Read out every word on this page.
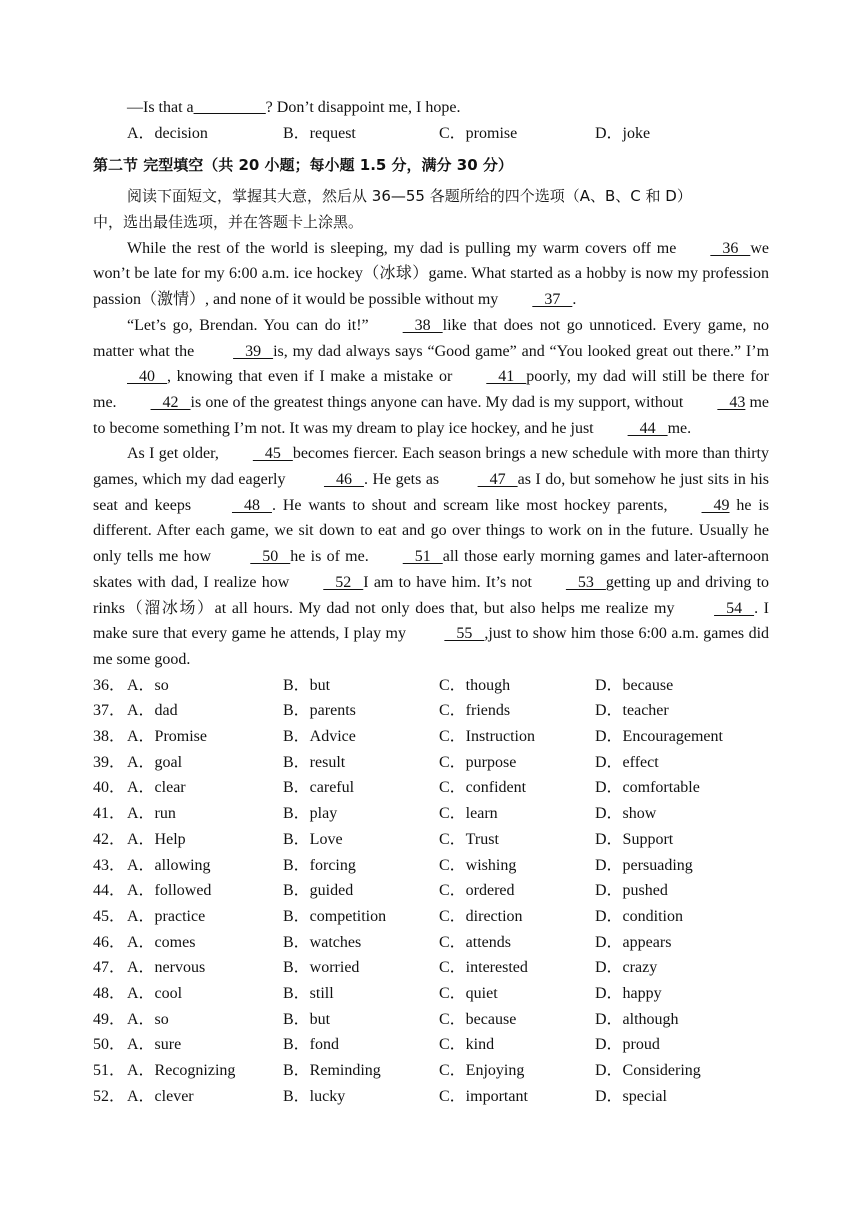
—Is that a_________? Don’t disappoint me, I hope.
A．decision	B．request	C．promise	D．joke
第二节 完型填空（共 20 小题；每小题 1.5 分，满分 30 分）
阅读下面短文，掌握其大意，然后从 36—55 各题所给的四个选项（A、B、C 和 D）
中，选出最佳选项，并在答题卡上涂黑。

While the rest of the world is sleeping, my dad is pulling my warm covers off me   36   we won’t be late for my 6:00 a.m. ice hockey（冰球）game. What started as a hobby is now my profession passion（激情）, and none of it would be possible without my   37   .

“Let’s go, Brendan. You can do it!”   38   like that does not go unnoticed. Every game, no matter what the    39   is, my dad always says “Good game” and “You looked great out there.” I’m   40   , knowing that even if I make a mistake or   41   poorly, my dad will still be there for me.   42   is one of the greatest things anyone can have. My dad is my support, without   43 me to become something I’m not. It was my dream to play ice hockey, and he just   44   me.

As I get older,   45   becomes fiercer. Each season brings a new schedule with more than thirty games, which my dad eagerly    46   . He gets as    47   as I do, but somehow he just sits in his seat and keeps    48   . He wants to shout and scream like most hockey parents,   49 he is different. After each game, we sit down to eat and go over things to work on in the future. Usually he only tells me how    50   he is of me.   51   all those early morning games and later-afternoon skates with dad, I realize how   52   I am to have him. It’s not   53   getting up and driving to rinks（溜冰场）at all hours. My dad not only does that, but also helps me realize my    54   . I make sure that every game he attends, I play my    55   ,just to show him those 6:00 a.m. games did me some good.

36． A．so	B．but	C．though	D．because
37． A．dad	B．parents	C．friends	D．teacher
38． A．Promise	B．Advice	C．Instruction	D．Encouragement
39． A．goal	B．result	C．purpose	D．effect
40． A．clear	B．careful	C．confident	D．comfortable
41． A．run	B．play	C．learn	D．show
42． A．Help	B．Love	C．Trust	D．Support
43． A．allowing	B．forcing	C．wishing	D．persuading
44． A．followed	B．guided	C．ordered	D．pushed
45． A．practice	B．competition	C．direction	D．condition
46． A．comes	B．watches	C．attends	D．appears
47． A．nervous	B．worried	C．interested	D．crazy
48． A．cool	B．still	C．quiet	D．happy
49． A．so	B．but	C．because	D．although
50． A．sure	B．fond	C．kind	D．proud
51． A．Recognizing	B．Reminding	C．Enjoying	D．Considering
52． A．clever	B．lucky	C．important	D．special
